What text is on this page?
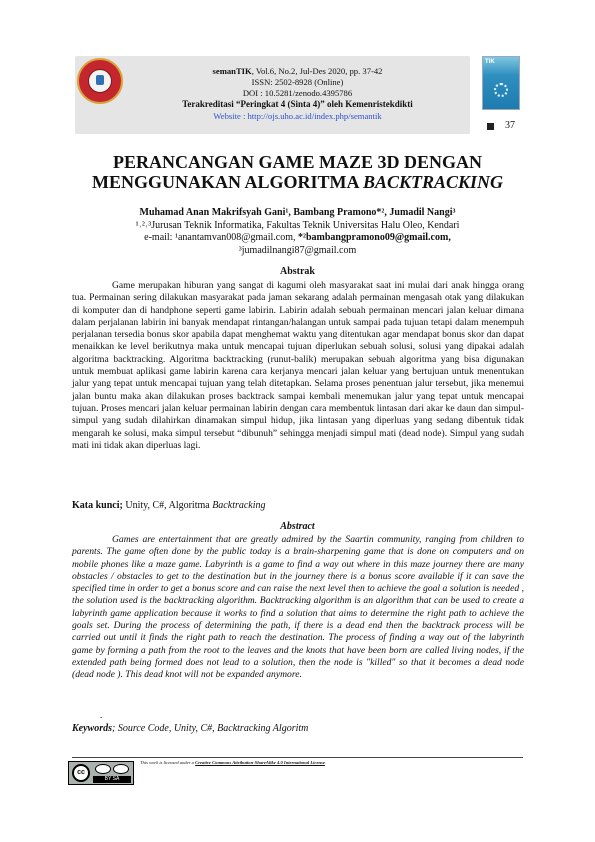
semanTIK, Vol.6, No.2, Jul-Des 2020, pp. 37-42
ISSN: 2502-8928 (Online)
DOI : 10.5281/zenodo.4395786
Terakreditasi “Peringkat 4 (Sinta 4)” oleh Kemenristekdikti
Website : http://ojs.uho.ac.id/index.php/semantik
TIK
37
PERANCANGAN GAME MAZE 3D DENGAN
MENGGUNAKAN ALGORITMA BACKTRACKING
Muhamad Anan Makrifsyah Gani¹, Bambang Pramono*², Jumadil Nangi³
¹˒²˒³Jurusan Teknik Informatika, Fakultas Teknik Universitas Halu Oleo, Kendari
e-mail: ¹anantamvan008@gmail.com, *²bambangpramono09@gmail.com,
³jumadilnangi87@gmail.com
Abstrak
Game merupakan hiburan yang sangat di kagumi oleh masyarakat saat ini mulai dari anak hingga orang tua. Permainan sering dilakukan masyarakat pada jaman sekarang adalah permainan mengasah otak yang dilakukan di komputer dan di handphone seperti game labirin. Labirin adalah sebuah permainan mencari jalan keluar dimana dalam perjalanan labirin ini banyak mendapat rintangan/halangan untuk sampai pada tujuan tetapi dalam menempuh perjalanan tersedia bonus skor apabila dapat menghemat waktu yang ditentukan agar mendapat bonus skor dan dapat menaikkan ke level berikutnya maka untuk mencapai tujuan diperlukan sebuah solusi, solusi yang dipakai adalah algoritma backtracking. Algoritma backtracking (runut-balik) merupakan sebuah algoritma yang bisa digunakan untuk membuat aplikasi game labirin karena cara kerjanya mencari jalan keluar yang bertujuan untuk menentukan jalur yang tepat untuk mencapai tujuan yang telah ditetapkan. Selama proses penentuan jalur tersebut, jika menemui jalan buntu maka akan dilakukan proses backtrack sampai kembali menemukan jalur yang tepat untuk mencapai tujuan. Proses mencari jalan keluar permainan labirin dengan cara membentuk lintasan dari akar ke daun dan simpul-simpul yang sudah dilahirkan dinamakan simpul hidup, jika lintasan yang diperluas yang sedang dibentuk tidak mengarah ke solusi, maka simpul tersebut “dibunuh” sehingga menjadi simpul mati (dead node). Simpul yang sudah mati ini tidak akan diperluas lagi.
Kata kunci; Unity, C#, Algoritma Backtracking
Abstract
Games are entertainment that are greatly admired by the Saartin community, ranging from children to parents. The game often done by the public today is a brain-sharpening game that is done on computers and on mobile phones like a maze game. Labyrinth is a game to find a way out where in this maze journey there are many obstacles / obstacles to get to the destination but in the journey there is a bonus score available if it can save the specified time in order to get a bonus score and can raise the next level then to achieve the goal a solution is needed , the solution used is the backtracking algorithm. Backtracking algorithm is an algorithm that can be used to create a labyrinth game application because it works to find a solution that aims to determine the right path to achieve the goals set. During the process of determining the path, if there is a dead end then the backtrack process will be carried out until it finds the right path to reach the destination. The process of finding a way out of the labyrinth game by forming a path from the root to the leaves and the knots that have been born are called living nodes, if the extended path being formed does not lead to a solution, then the node is "killed" so that it becomes a dead node (dead node ). This dead knot will not be expanded anymore.
.
Keywords; Source Code, Unity, C#, Backtracking Algoritm
cc
BY SA
This work is licensed under a Creative Commons Attribution-ShareAlike 4.0 International License.
